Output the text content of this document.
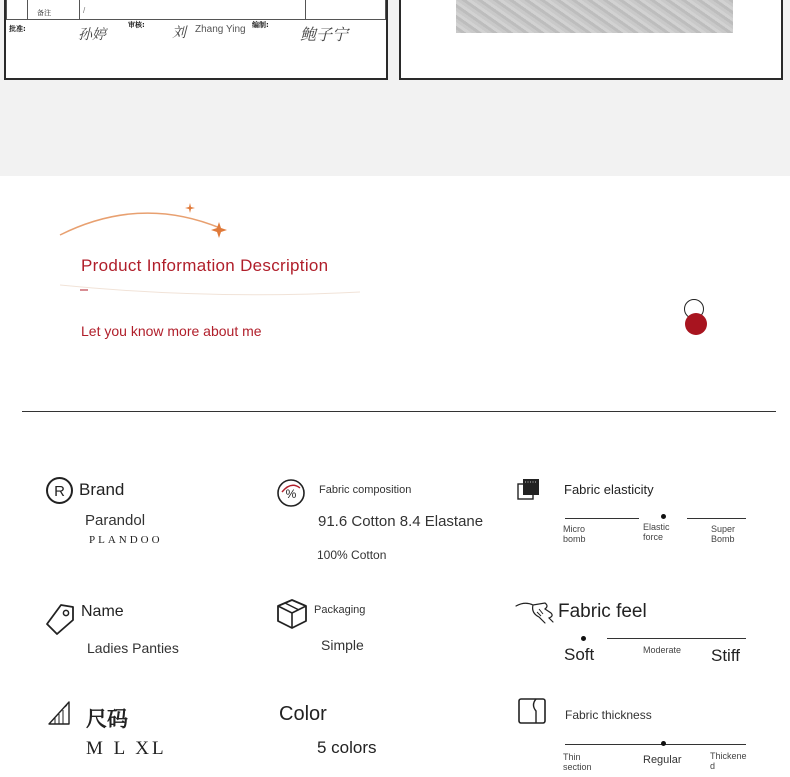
备注	/
批准:	审核:	编制:
孙婷	刘 Zhang Ying	鲍子宁
Product Information Description
Let you know more about me
R Brand
Parandol
PLANDOO
% Fabric composition
91.6 Cotton 8.4 Elastane
100% Cotton
Fabric elasticity
Micro bomb
Elastic force
Super Bomb
Name
Ladies Panties
Packaging
Simple
Fabric feel
Soft	Moderate Stiff
尺码
M L XL
Color
5 colors
Fabric thickness
Thin section
Regular	Thickened
